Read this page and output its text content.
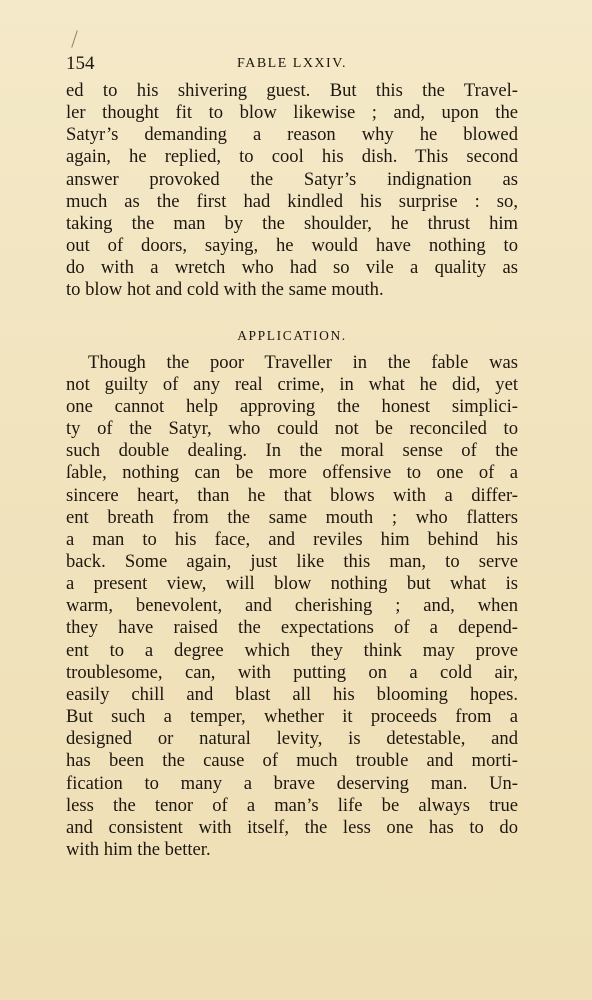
154	FABLE LXXIV.

ed to his shivering guest. But this the Travel-
ler thought fit to blow likewise ; and, upon the
Satyr’s demanding a reason why he blowed
again, he replied, to cool his dish. This second
answer provoked the Satyr’s indignation as
much as the first had kindled his surprise : so,
taking the man by the shoulder, he thrust him
out of doors, saying, he would have nothing to
do with a wretch who had so vile a quality as
to blow hot and cold with the same mouth.

APPLICATION.

Though the poor Traveller in the fable was
not guilty of any real crime, in what he did, yet
one cannot help approving the honest simplici-
ty of the Satyr, who could not be reconciled to
such double dealing. In the moral sense of the
ſable, nothing can be more offensive to one of a
sincere heart, than he that blows with a differ-
ent breath from the same mouth ; who flatters
a man to his face, and reviles him behind his
back. Some again, just like this man, to serve
a present view, will blow nothing but what is
warm, benevolent, and cherishing ; and, when
they have raised the expectations of a depend-
ent to a degree which they think may prove
troublesome, can, with putting on a cold air,
easily chill and blast all his blooming hopes.
But such a temper, whether it proceeds from a
designed or natural levity, is detestable, and
has been the cause of much trouble and morti-
fication to many a brave deserving man. Un-
less the tenor of a man’s life be always true
and consistent with itself, the less one has to do
with him the better.
